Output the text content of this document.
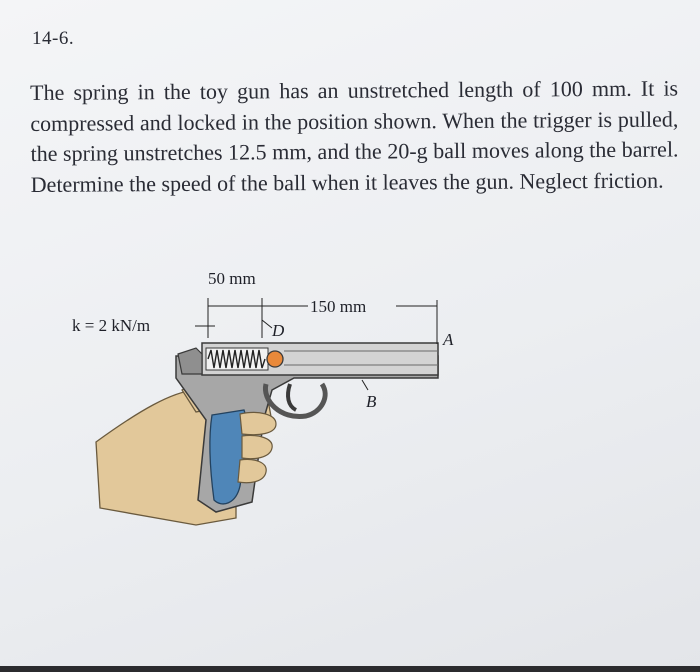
14-6.
The spring in the toy gun has an unstretched length of 100 mm. It is compressed and locked in the position shown. When the trigger is pulled, the spring unstretches 12.5 mm, and the 20-g ball moves along the barrel. Determine the speed of the ball when it leaves the gun. Neglect friction.
50 mm
150 mm
k = 2 kN/m	D	A
B
